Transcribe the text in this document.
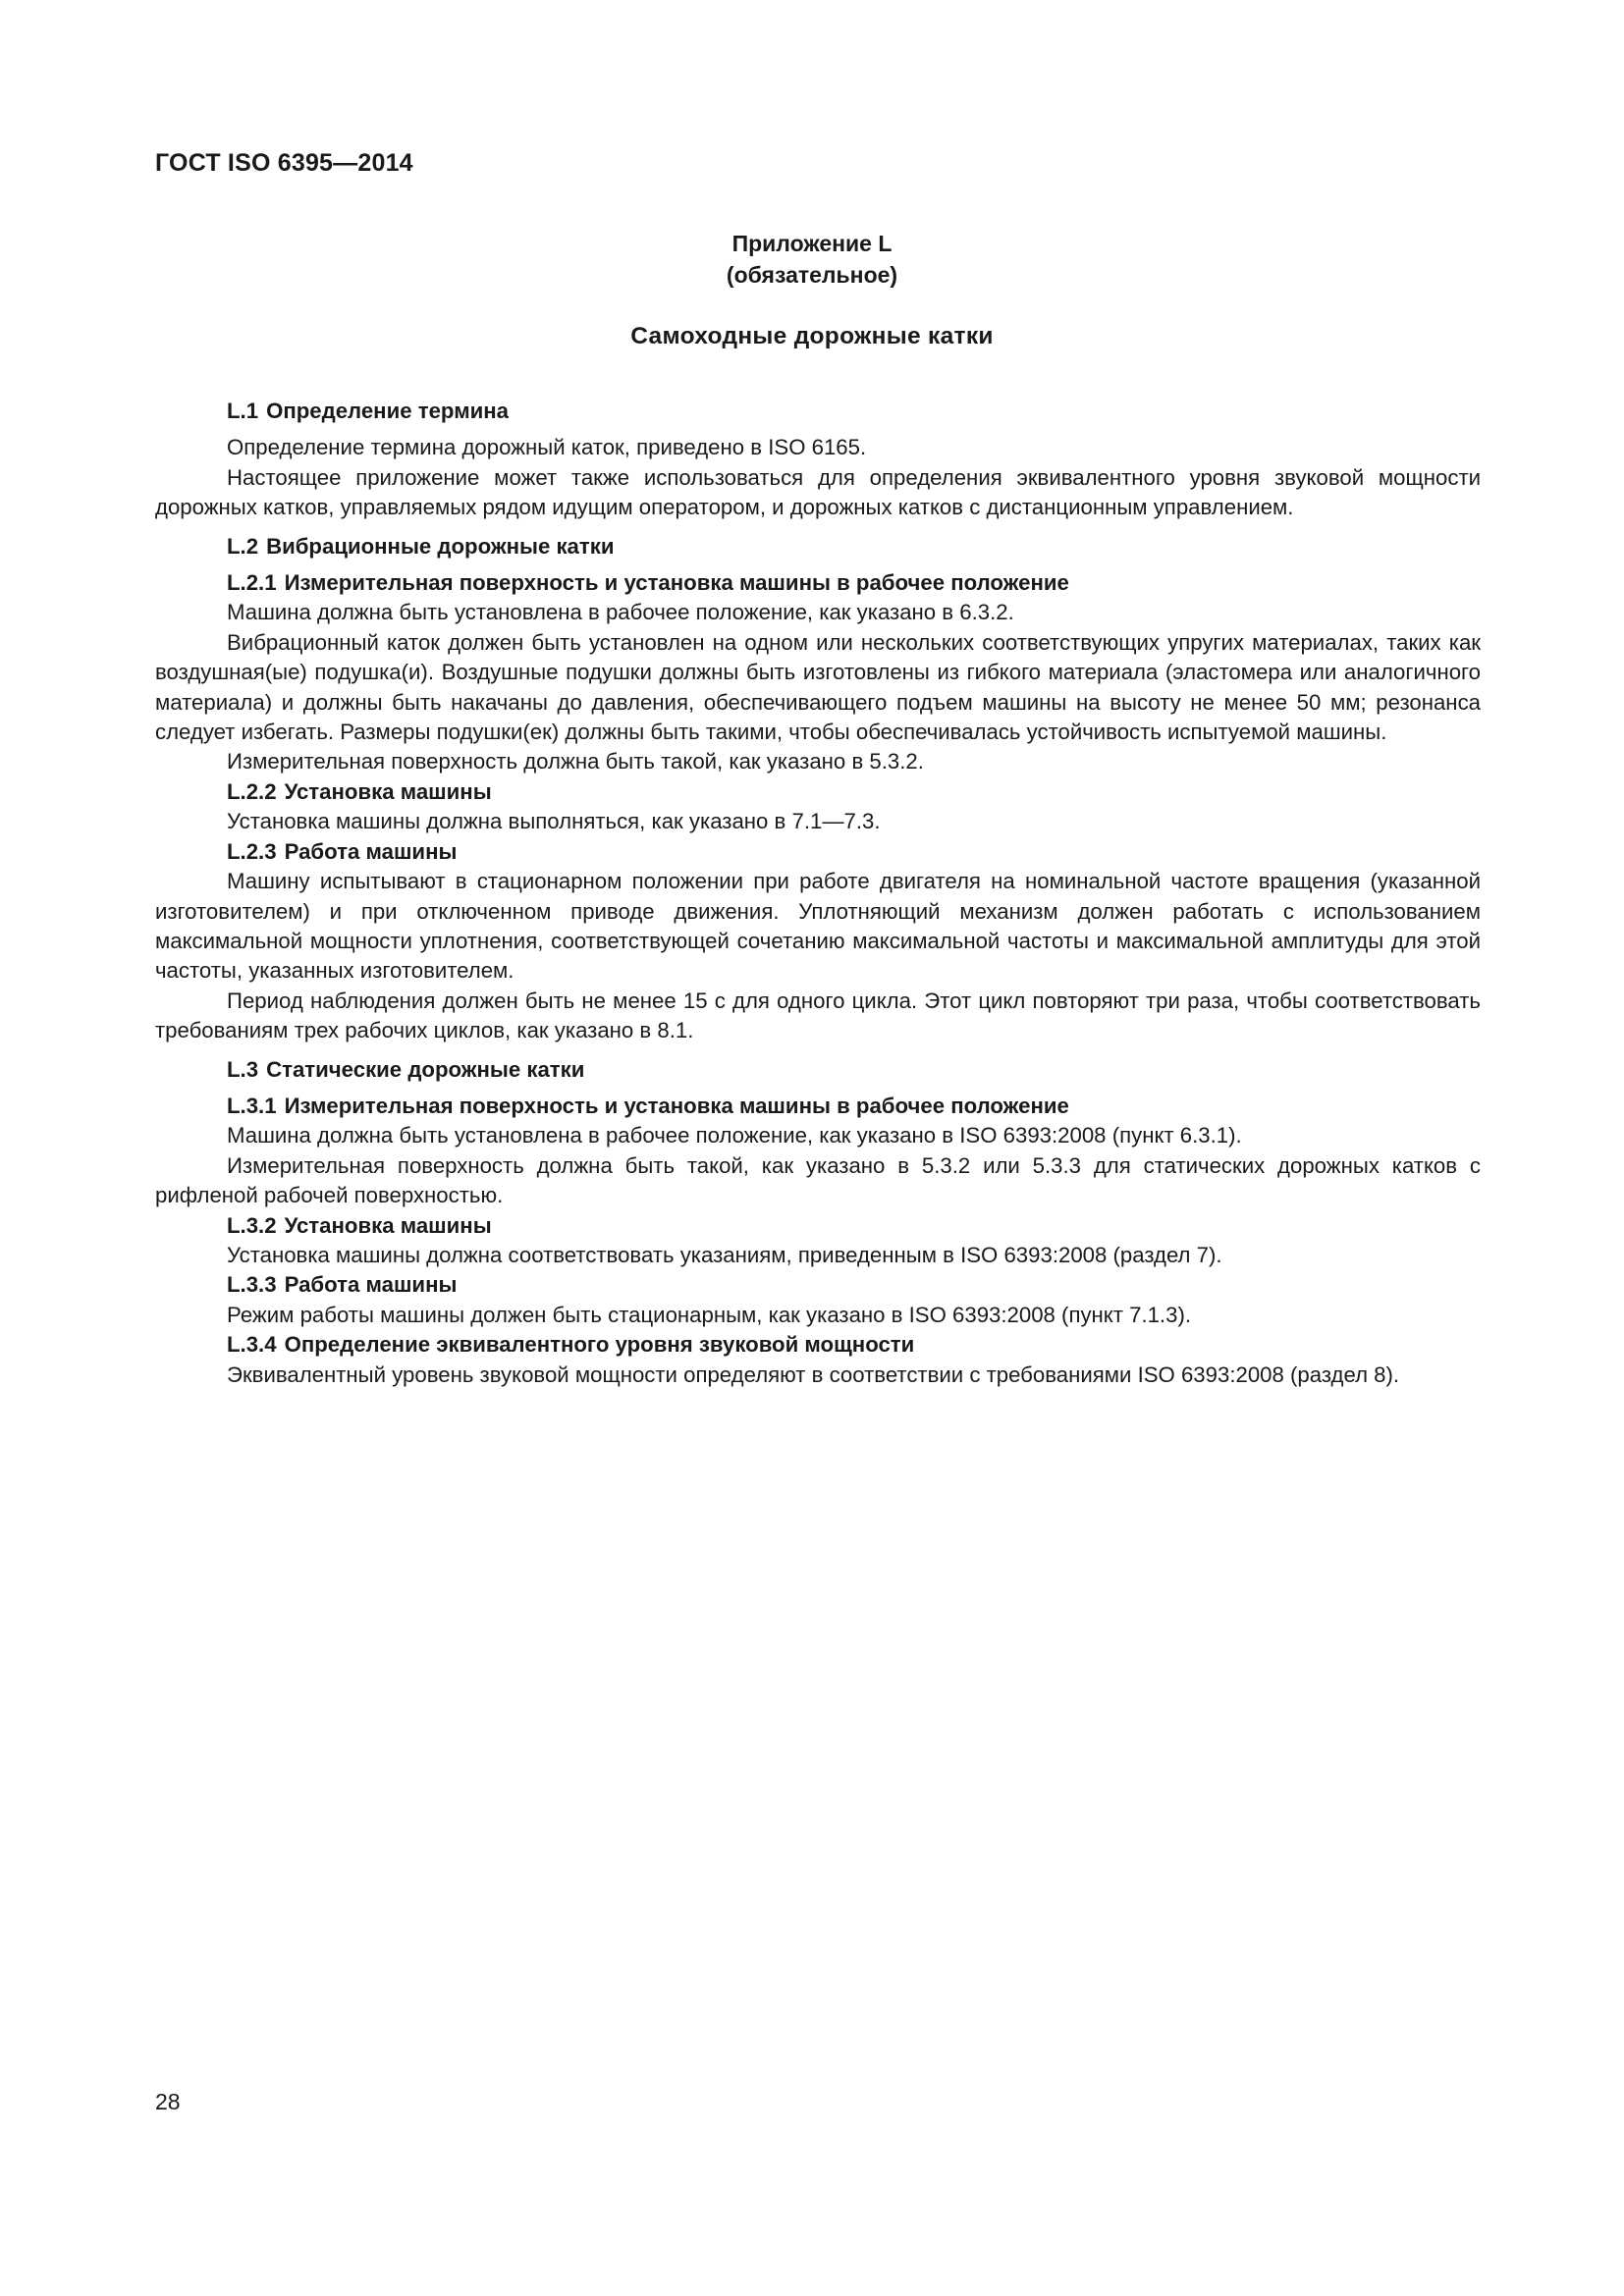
ГОСТ ISO 6395—2014
Приложение L
(обязательное)
Самоходные дорожные катки
L.1 Определение термина

Определение термина дорожный каток, приведено в ISO 6165.

Настоящее приложение может также использоваться для определения эквивалентного уровня звуковой мощности дорожных катков, управляемых рядом идущим оператором, и дорожных катков с дистанционным управлением.

L.2 Вибрационные дорожные катки
L.2.1 Измерительная поверхность и установка машины в рабочее положение

Машина должна быть установлена в рабочее положение, как указано в 6.3.2.

Вибрационный каток должен быть установлен на одном или нескольких соответствующих упругих материалах, таких как воздушная(ые) подушка(и). Воздушные подушки должны быть изготовлены из гибкого материала (эластомера или аналогичного материала) и должны быть накачаны до давления, обеспечивающего подъем машины на высоту не менее 50 мм; резонанса следует избегать. Размеры подушки(ек) должны быть такими, чтобы обеспечивалась устойчивость испытуемой машины.

Измерительная поверхность должна быть такой, как указано в 5.3.2.

L.2.2 Установка машины

Установка машины должна выполняться, как указано в 7.1—7.3.

L.2.3 Работа машины

Машину испытывают в стационарном положении при работе двигателя на номинальной частоте вращения (указанной изготовителем) и при отключенном приводе движения. Уплотняющий механизм должен работать с использованием максимальной мощности уплотнения, соответствующей сочетанию максимальной частоты и максимальной амплитуды для этой частоты, указанных изготовителем.

Период наблюдения должен быть не менее 15 с для одного цикла. Этот цикл повторяют три раза, чтобы соответствовать требованиям трех рабочих циклов, как указано в 8.1.

L.3 Статические дорожные катки
L.3.1 Измерительная поверхность и установка машины в рабочее положение

Машина должна быть установлена в рабочее положение, как указано в ISO 6393:2008 (пункт 6.3.1).

Измерительная поверхность должна быть такой, как указано в 5.3.2 или 5.3.3 для статических дорожных катков с рифленой рабочей поверхностью.

L.3.2 Установка машины

Установка машины должна соответствовать указаниям, приведенным в ISO 6393:2008 (раздел 7).

L.3.3 Работа машины

Режим работы машины должен быть стационарным, как указано в ISO 6393:2008 (пункт 7.1.3).

L.3.4 Определение эквивалентного уровня звуковой мощности

Эквивалентный уровень звуковой мощности определяют в соответствии с требованиями ISO 6393:2008 (раздел 8).

28
